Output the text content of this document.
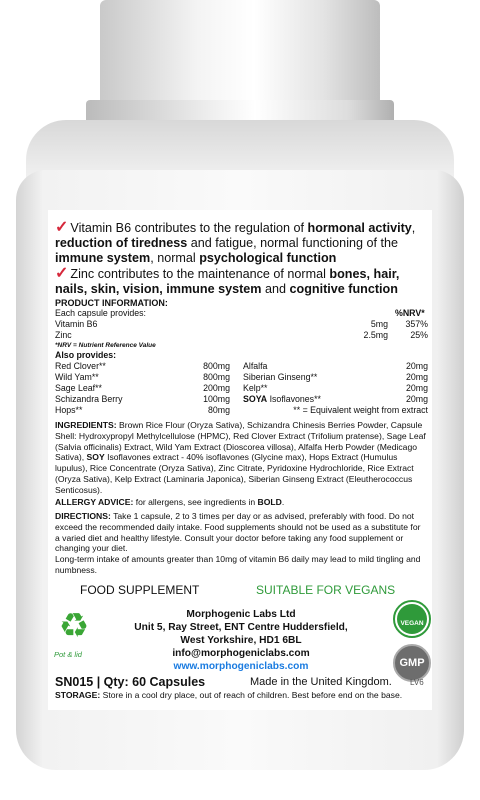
✓ Vitamin B6 contributes to the regulation of hormonal activity, reduction of tiredness and fatigue, normal functioning of the immune system, normal psychological function
✓ Zinc contributes to the maintenance of normal bones, hair, nails, skin, vision, immune system and cognitive function
PRODUCT INFORMATION:
Each capsule provides:	%NRV*
Vitamin B6	5mg	357%
Zinc	2.5mg	25%
*NRV = Nutrient Reference Value
Also provides:
Red Clover**	800mg
Wild Yam**	800mg
Sage Leaf**	200mg
Schizandra Berry	100mg
Hops**	80mg
Alfalfa	20mg
Siberian Ginseng**	20mg
Kelp**	20mg
SOYA Isoflavones**	20mg
** = Equivalent weight from extract
INGREDIENTS: Brown Rice Flour (Oryza Sativa), Schizandra Chinesis Berries Powder, Capsule Shell: Hydroxypropyl Methylcellulose (HPMC), Red Clover Extract (Trifolium pratense), Sage Leaf (Salvia officinalis) Extract, Wild Yam Extract (Dioscorea villosa), Alfalfa Herb Powder (Medicago Sativa), SOY Isoflavones extract - 40% isoflavones (Glycine max), Hops Extract (Humulus lupulus), Rice Concentrate (Oryza Sativa), Zinc Citrate, Pyridoxine Hydrochloride, Rice Extract (Oryza Sativa), Kelp Extract (Laminaria Japonica), Siberian Ginseng Extract (Eleutherococcus Senticosus).
ALLERGY ADVICE: for allergens, see ingredients in BOLD.
DIRECTIONS: Take 1 capsule, 2 to 3 times per day or as advised, preferably with food. Do not exceed the recommended daily intake. Food supplements should not be used as a substitute for a varied diet and healthy lifestyle. Consult your doctor before taking any food supplement or changing your diet.
Long-term intake of amounts greater than 10mg of vitamin B6 daily may lead to mild tingling and numbness.
FOOD SUPPLEMENT	SUITABLE FOR VEGANS
Morphogenic Labs Ltd
Unit 5, Ray Street, ENT Centre Huddersfield,
West Yorkshire, HD1 6BL
info@morphogeniclabs.com
www.morphogeniclabs.com
♻
Pot & lid
VEGAN
GMP
SN015 | Qty: 60 Capsules	Made in the United Kingdom. LV6
STORAGE: Store in a cool dry place, out of reach of children. Best before end on the base.
